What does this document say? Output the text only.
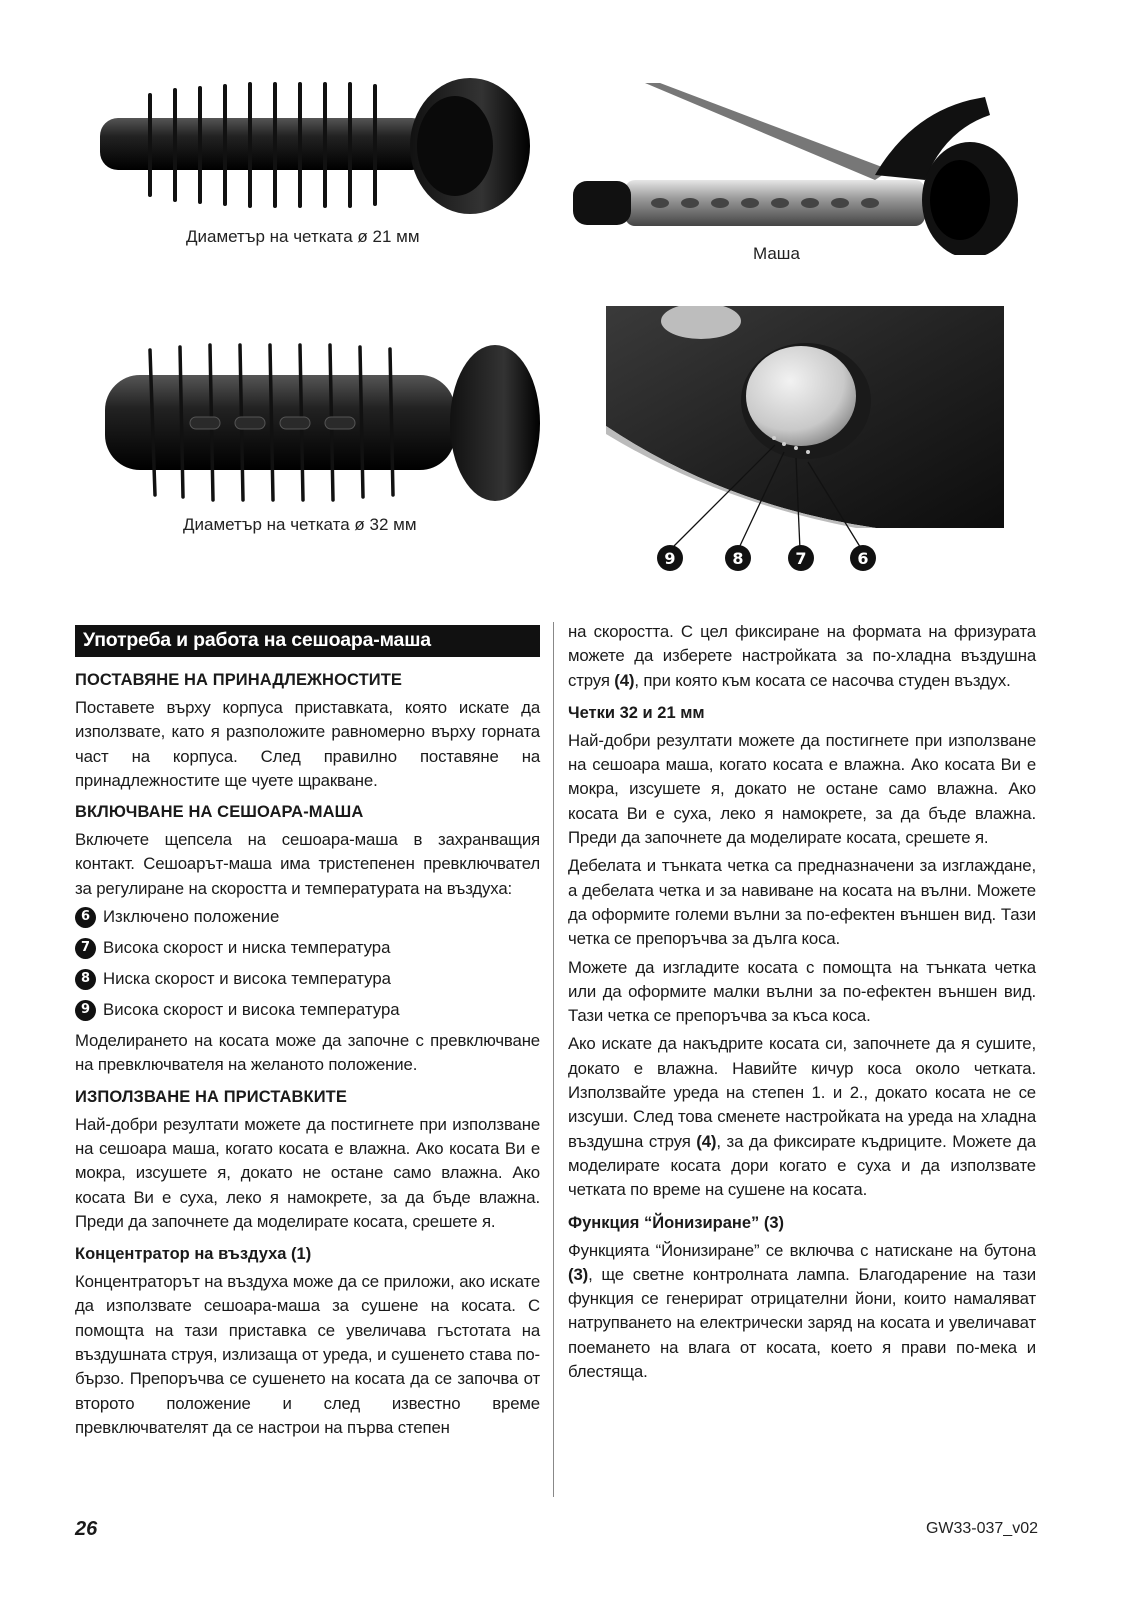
Диаметър на четката ø 21 мм
Маша
Диаметър на четката ø 32 мм
9	8	7	6
Употреба и работа на сешоара-маша
ПОСТАВЯНЕ НА ПРИНАДЛЕЖНОСТИТЕ
Поставете върху корпуса приставката, която искате да използвате, като я разположите равномерно върху горната част на корпуса. След правилно поставяне на принадлежностите ще чуете щракване.
ВКЛЮЧВАНЕ НА СЕШОАРА-МАША
Включете щепсела на сешоара-маша в захранващия контакт. Сешоарът-маша има тристепенен превключвател за регулиране на скоростта и температурата на въздуха:
6 Изключено положение
7 Висока скорост и ниска температура
8 Ниска скорост и висока температура
9 Висока скорост и висока температура
Моделирането на косата може да започне с превключване на превключвателя на желаното положение.
ИЗПОЛЗВАНЕ НА ПРИСТАВКИТЕ
Най-добри резултати можете да постигнете при използване на сешоара маша, когато косата е влажна. Ако косата Ви е мокра, изсушете я, докато не остане само влажна. Ако косата Ви е суха, леко я намокрете, за да бъде влажна. Преди да започнете да моделирате косата, срешете я.
Концентратор на въздуха (1)
Концентраторът на въздуха може да се приложи, ако искате да използвате сешоара-маша за сушене на косата. С помощта на тази приставка се увеличава гъстотата на въздушната струя, излизаща от уреда, и сушенето става по-бързо. Препоръчва се сушенето на косата да се започва от второто положение и след известно време превключвателят да се настрои на първа степен
на скоростта. С цел фиксиране на формата на фризурата можете да изберете настройката за по-хладна въздушна струя (4), при която към косата се насочва студен въздух.
Четки 32 и 21 мм
Най-добри резултати можете да постигнете при използване на сешоара маша, когато косата е влажна. Ако косата Ви е мокра, изсушете я, докато не остане само влажна. Ако косата Ви е суха, леко я намокрете, за да бъде влажна. Преди да започнете да моделирате косата, срешете я.
Дебелата и тънката четка са предназначени за изглаждане, а дебелата четка и за навиване на косата на вълни. Можете да оформите големи вълни за по-ефектен външен вид. Тази четка се препоръчва за дълга коса.
Можете да изгладите косата с помощта на тънката четка или да оформите малки вълни за по-ефектен външен вид. Тази четка се препоръчва за къса коса.
Ако искате да накъдрите косата си, започнете да я сушите, докато е влажна. Навийте кичур коса около четката. Използвайте уреда на степен 1. и 2., докато косата не се изсуши. След това сменете настройката на уреда на хладна въздушна струя (4), за да фиксирате къдриците. Можете да моделирате косата дори когато е суха и да използвате четката по време на сушене на косата.
Функция “Йонизиране” (3)
Функцията “Йонизиране” се включва с натискане на бутона (3), ще светне контролната лампа. Благодарение на тази функция се генерират отрицателни йони, които намаляват натрупването на електрически заряд на косата и увеличават поемането на влага от косата, което я прави по-мека и блестяща.
26	GW33-037_v02
